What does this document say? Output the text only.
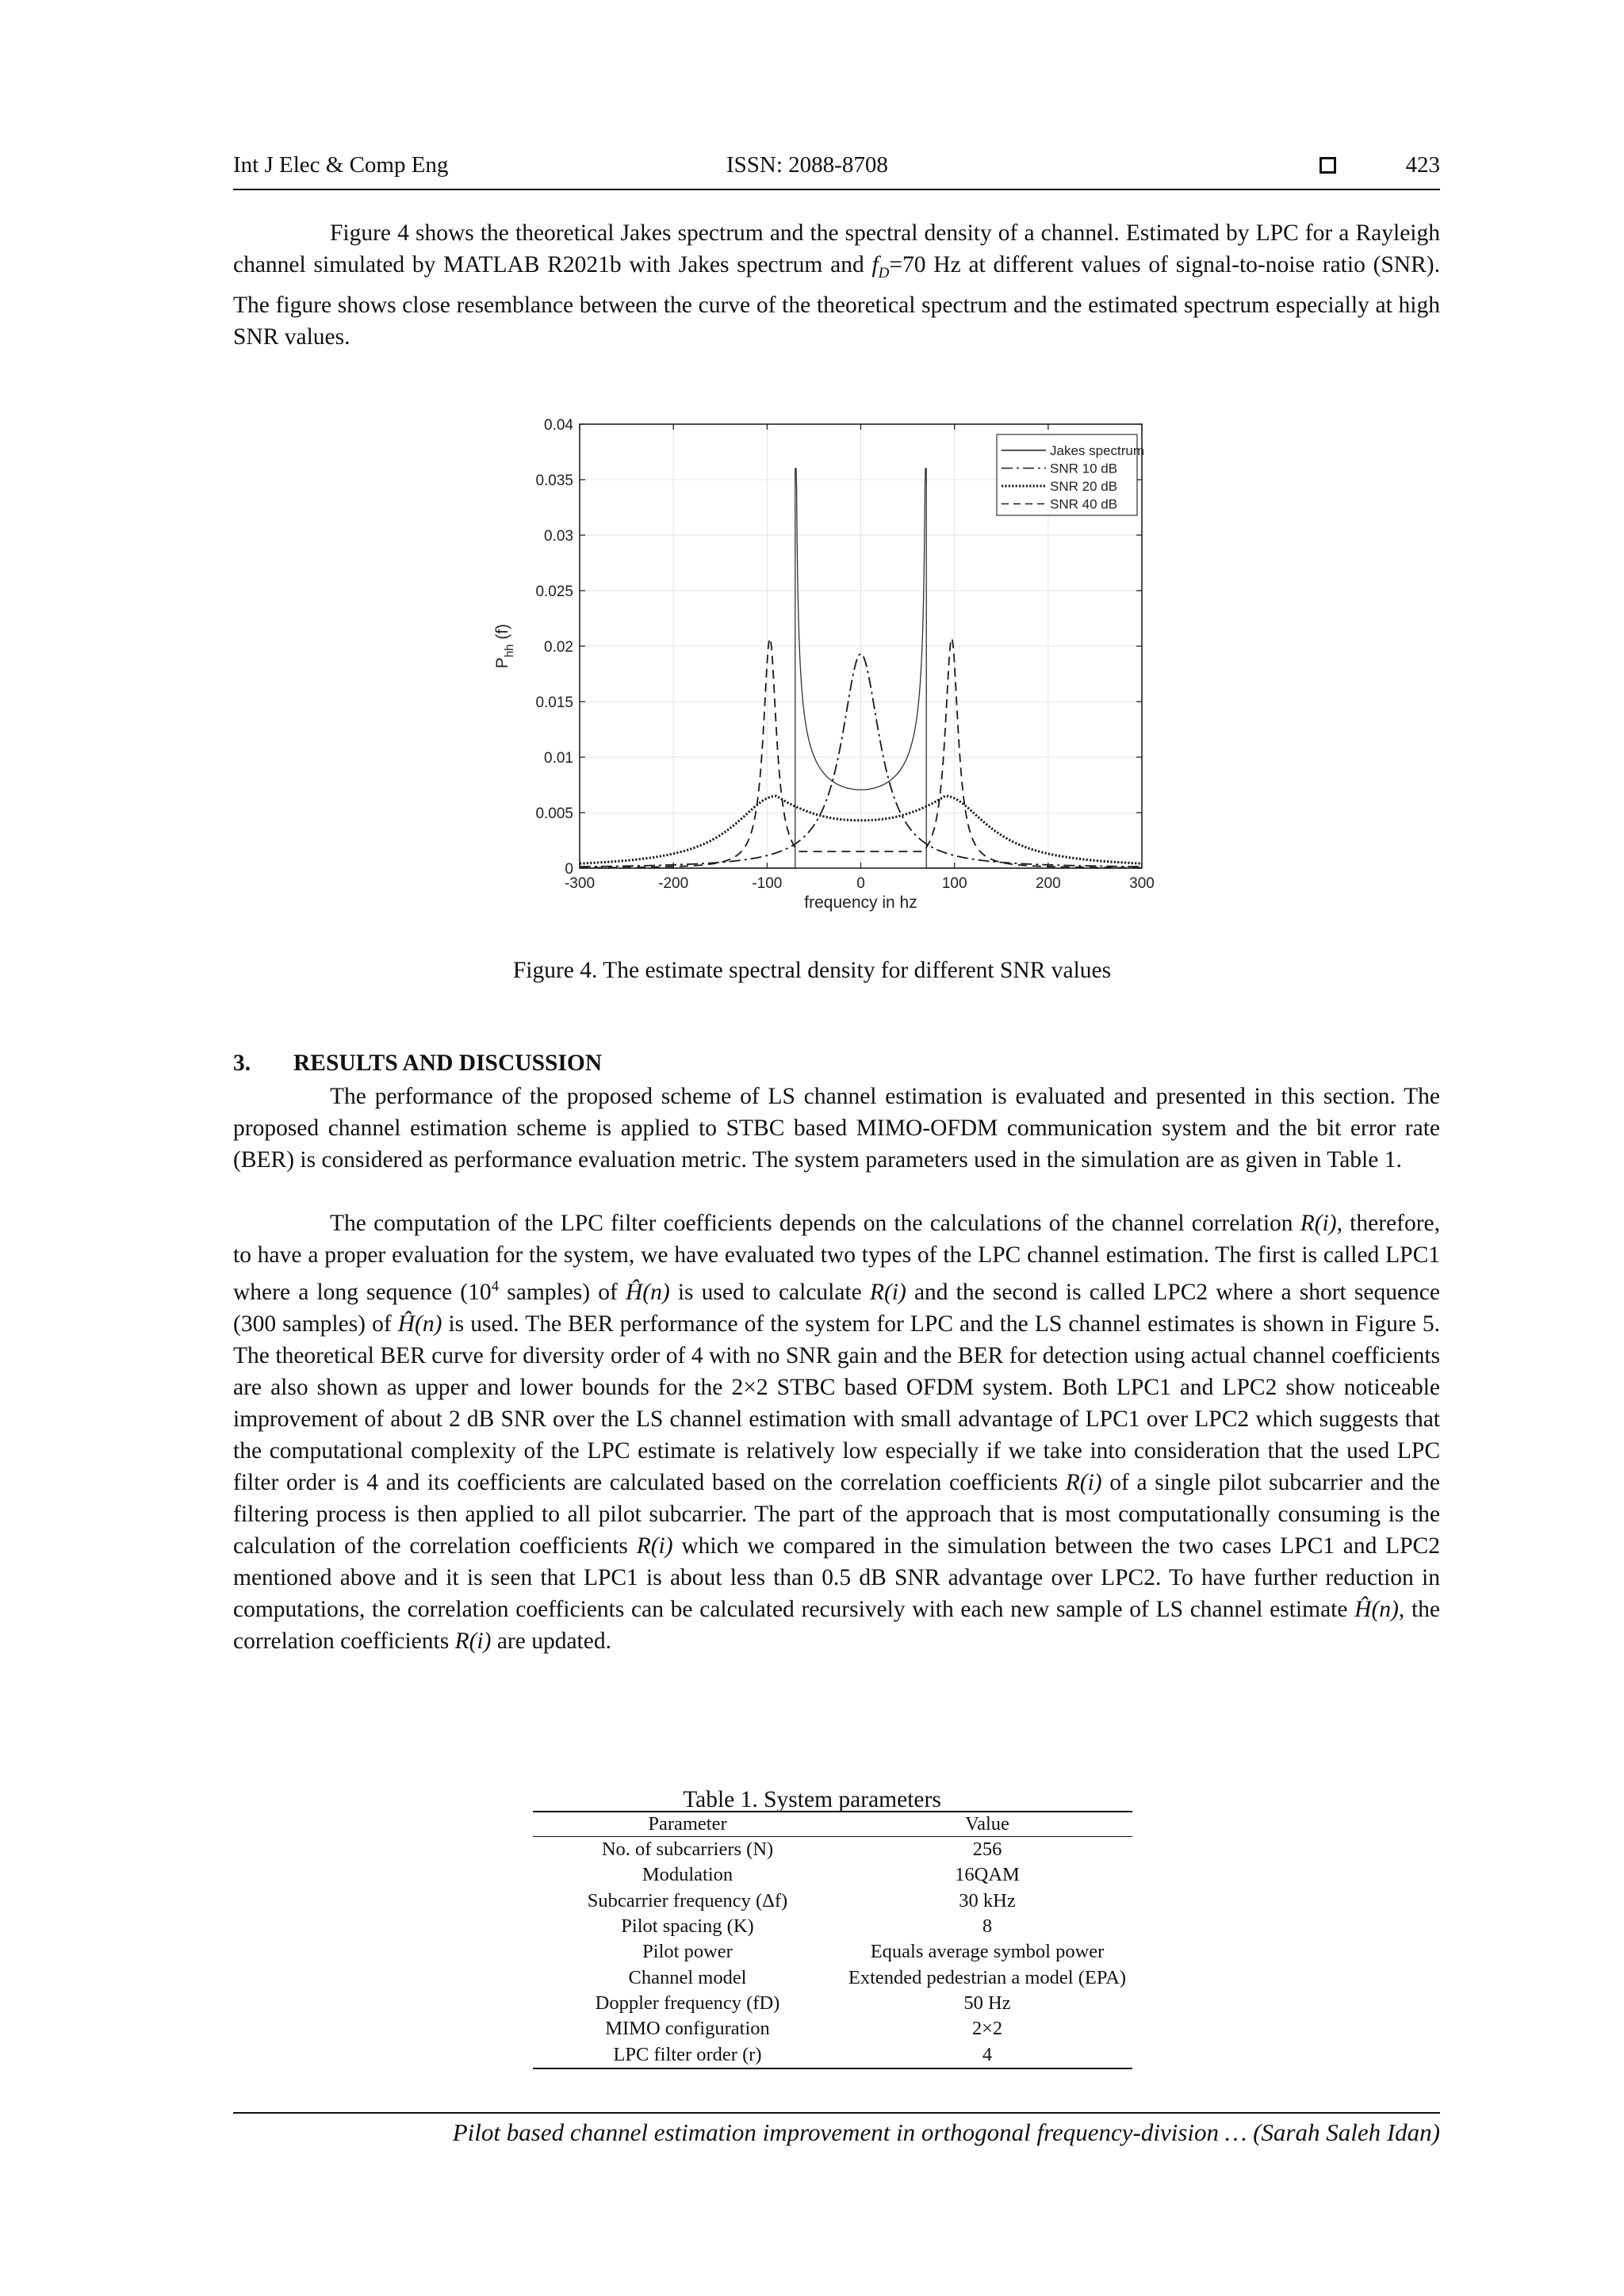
Int J Elec & Comp Eng	ISSN: 2088-8708	423

Figure 4 shows the theoretical Jakes spectrum and the spectral density of a channel. Estimated by LPC for a Rayleigh channel simulated by MATLAB R2021b with Jakes spectrum and $f_D=70$ Hz at different values of signal-to-noise ratio (SNR). The figure shows close resemblance between the curve of the theoretical spectrum and the estimated spectrum especially at high SNR values.

-300	-200	-100	0	100	200	300
0
0.005
0.01
0.015
0.02
0.025
0.03
0.035
0.04
frequency in hz
$P_{hh}$ (f)
Jakes spectrum
SNR 10 dB
SNR 20 dB
SNR 40 dB
Figure 4. The estimate spectral density for different SNR values
3. RESULTS AND DISCUSSION

The performance of the proposed scheme of LS channel estimation is evaluated and presented in this section. The proposed channel estimation scheme is applied to STBC based MIMO-OFDM communication system and the bit error rate (BER) is considered as performance evaluation metric. The system parameters used in the simulation are as given in Table 1.

The computation of the LPC filter coefficients depends on the calculations of the channel correlation R(i), therefore, to have a proper evaluation for the system, we have evaluated two types of the LPC channel estimation. The first is called LPC1 where a long sequence ($10^4$ samples) of Ĥ(n) is used to calculate R(i) and the second is called LPC2 where a short sequence (300 samples) of Ĥ(n) is used. The BER performance of the system for LPC and the LS channel estimates is shown in Figure 5. The theoretical BER curve for diversity order of 4 with no SNR gain and the BER for detection using actual channel coefficients are also shown as upper and lower bounds for the 2×2 STBC based OFDM system. Both LPC1 and LPC2 show noticeable improvement of about 2 dB SNR over the LS channel estimation with small advantage of LPC1 over LPC2 which suggests that the computational complexity of the LPC estimate is relatively low especially if we take into consideration that the used LPC filter order is 4 and its coefficients are calculated based on the correlation coefficients R(i) of a single pilot subcarrier and the filtering process is then applied to all pilot subcarrier. The part of the approach that is most computationally consuming is the calculation of the correlation coefficients R(i) which we compared in the simulation between the two cases LPC1 and LPC2 mentioned above and it is seen that LPC1 is about less than 0.5 dB SNR advantage over LPC2. To have further reduction in computations, the correlation coefficients can be calculated recursively with each new sample of LS channel estimate Ĥ(n), the correlation coefficients R(i) are updated.

Table 1. System parameters
Parameter	Value
No. of subcarriers (N)	256
Modulation	16QAM
Subcarrier frequency (Δf)	30 kHz
Pilot spacing (K)	8
Pilot power	Equals average symbol power
Channel model	Extended pedestrian a model (EPA)
Doppler frequency (fD)	50 Hz
MIMO configuration	2×2
LPC filter order (r)	4
Pilot based channel estimation improvement in orthogonal frequency-division … (Sarah Saleh Idan)
